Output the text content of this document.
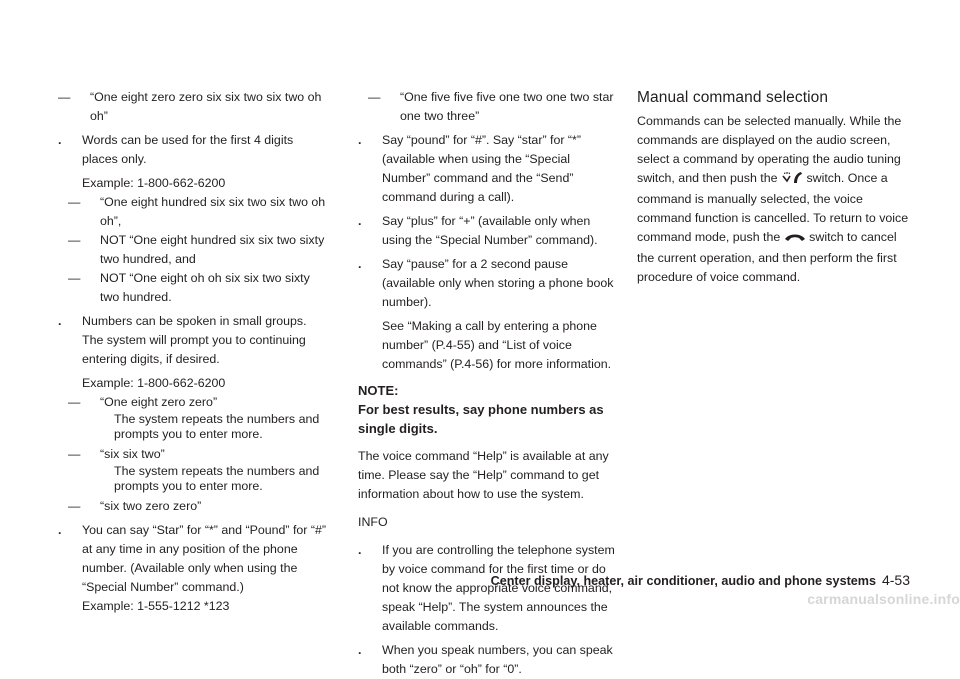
— “One eight zero zero six six two six two oh oh”

. Words can be used for the first 4 digits places only.

Example: 1-800-662-6200

— “One eight hundred six six two six two oh oh”,

— NOT “One eight hundred six six two sixty two hundred, and

— NOT “One eight oh oh six six two sixty two hundred.

. Numbers can be spoken in small groups. The system will prompt you to continuing entering digits, if desired.

Example: 1-800-662-6200

— “One eight zero zero”

The system repeats the numbers and prompts you to enter more.

— “six six two”

The system repeats the numbers and prompts you to enter more.

— “six two zero zero”

. You can say “Star” for “*” and “Pound” for “#” at any time in any position of the phone number. (Available only when using the “Special Number” command.)

Example: 1-555-1212 *123

— “One five five five one two one two star one two three”

. Say “pound” for “#”. Say “star” for “*” (available when using the “Special Number” command and the “Send” command during a call).

. Say “plus” for “+” (available only when using the “Special Number” command).

. Say “pause” for a 2 second pause (available only when storing a phone book number).

See “Making a call by entering a phone number” (P.4-55) and “List of voice commands” (P.4-56) for more information.

NOTE:

For best results, say phone numbers as single digits.

The voice command “Help” is available at any time. Please say the “Help” command to get information about how to use the system.

INFO

. If you are controlling the telephone system by voice command for the first time or do not know the appropriate voice command, speak “Help”. The system announces the available commands.

. When you speak numbers, you can speak both “zero” or “oh” for “0”.

Manual command selection

Commands can be selected manually. While the commands are displayed on the audio screen, select a command by operating the audio tuning switch, and then push the switch. Once a command is manually selected, the voice command function is cancelled. To return to voice command mode, push the switch to cancel the current operation, and then perform the first procedure of voice command.

Center display, heater, air conditioner, audio and phone systems 4-53
carmanualsonline.info
